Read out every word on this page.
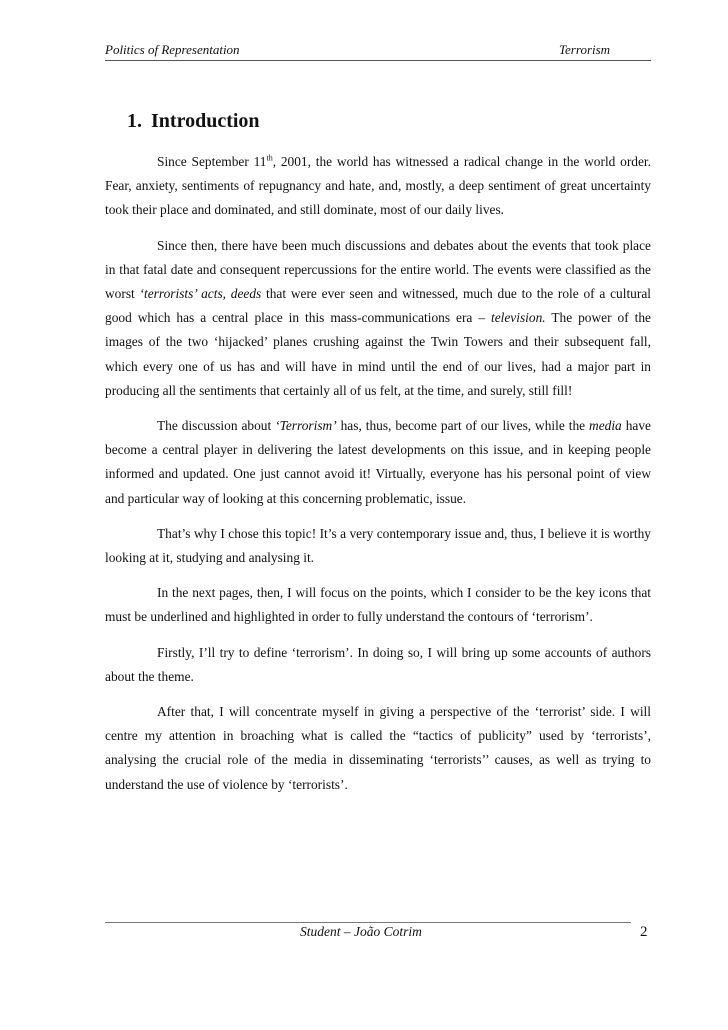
Politics of Representation	Terrorism
1. Introduction

Since September 11th, 2001, the world has witnessed a radical change in the world order. Fear, anxiety, sentiments of repugnancy and hate, and, mostly, a deep sentiment of great uncertainty took their place and dominated, and still dominate, most of our daily lives.

Since then, there have been much discussions and debates about the events that took place in that fatal date and consequent repercussions for the entire world. The events were classified as the worst ‘terrorists’ acts, deeds that were ever seen and witnessed, much due to the role of a cultural good which has a central place in this mass-communications era – television. The power of the images of the two ‘hijacked’ planes crushing against the Twin Towers and their subsequent fall, which every one of us has and will have in mind until the end of our lives, had a major part in producing all the sentiments that certainly all of us felt, at the time, and surely, still fill!

The discussion about ‘Terrorism’ has, thus, become part of our lives, while the media have become a central player in delivering the latest developments on this issue, and in keeping people informed and updated. One just cannot avoid it! Virtually, everyone has his personal point of view and particular way of looking at this concerning problematic, issue.

That’s why I chose this topic! It’s a very contemporary issue and, thus, I believe it is worthy looking at it, studying and analysing it.

In the next pages, then, I will focus on the points, which I consider to be the key icons that must be underlined and highlighted in order to fully understand the contours of ‘terrorism’.

Firstly, I’ll try to define ‘terrorism’. In doing so, I will bring up some accounts of authors about the theme.

After that, I will concentrate myself in giving a perspective of the ‘terrorist’ side. I will centre my attention in broaching what is called the “tactics of publicity” used by ‘terrorists’, analysing the crucial role of the media in disseminating ‘terrorists’’ causes, as well as trying to understand the use of violence by ‘terrorists’.

Student – João Cotrim	2
